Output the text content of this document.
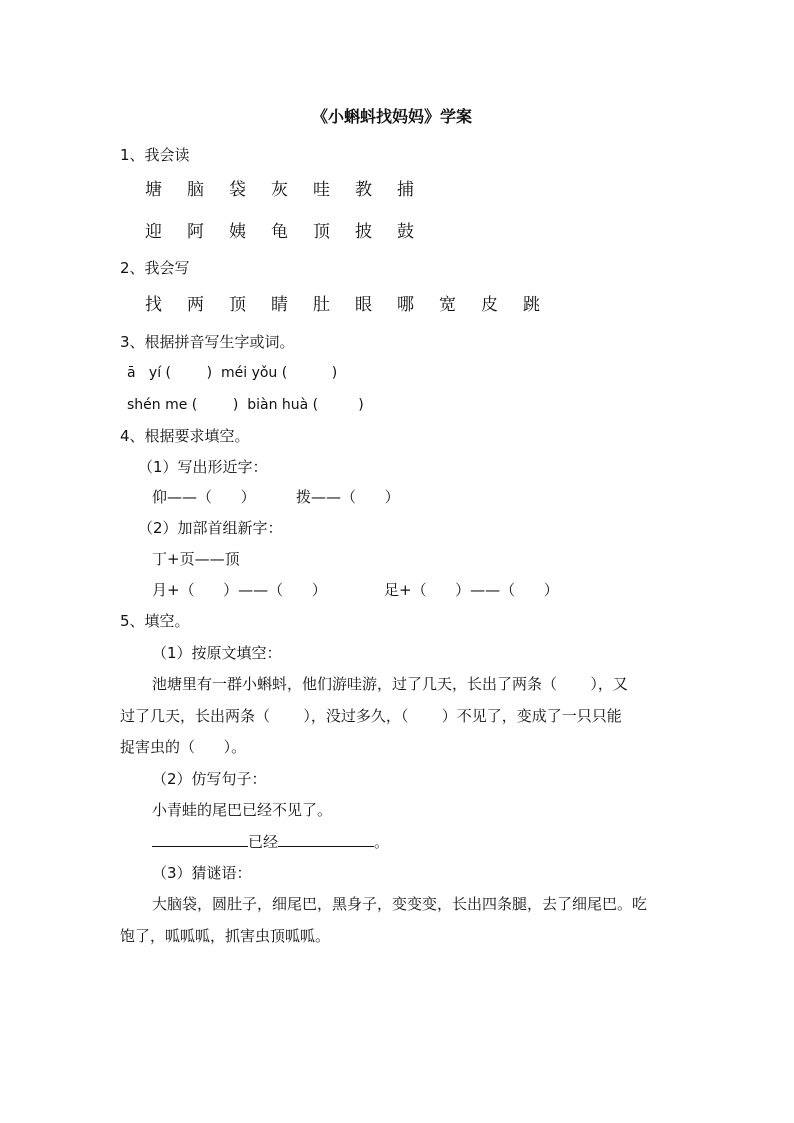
《小蝌蚪找妈妈》学案
1、我会读
塘 脑 袋 灰 哇 教 捕
迎 阿 姨 龟 顶 披 鼓
2、我会写
找 两 顶 睛 肚 眼 哪 宽 皮 跳
3、根据拼音写生字或词。
ā   yí (        )  méi yǒu (          )
shén me (        )  biàn huà (         )
4、根据要求填空。
（1）写出形近字：
仰——（      ）	拨——（      ）
（2）加部首组新字：
丁+页——顶
月+（      ）——（      ）	足+（      ）——（      ）
5、填空。
（1）按原文填空：
池塘里有一群小蝌蚪，他们游哇游，过了几天，长出了两条（       ），又
过了几天，长出两条（       ），没过多久，（       ）不见了，变成了一只只能
捉害虫的（      ）。
（2）仿写句子：
小青蛙的尾巴已经不见了。
已经	。
（3）猜谜语：
大脑袋，圆肚子，细尾巴，黑身子，变变变，长出四条腿，去了细尾巴。吃
饱了，呱呱呱，抓害虫顶呱呱。
